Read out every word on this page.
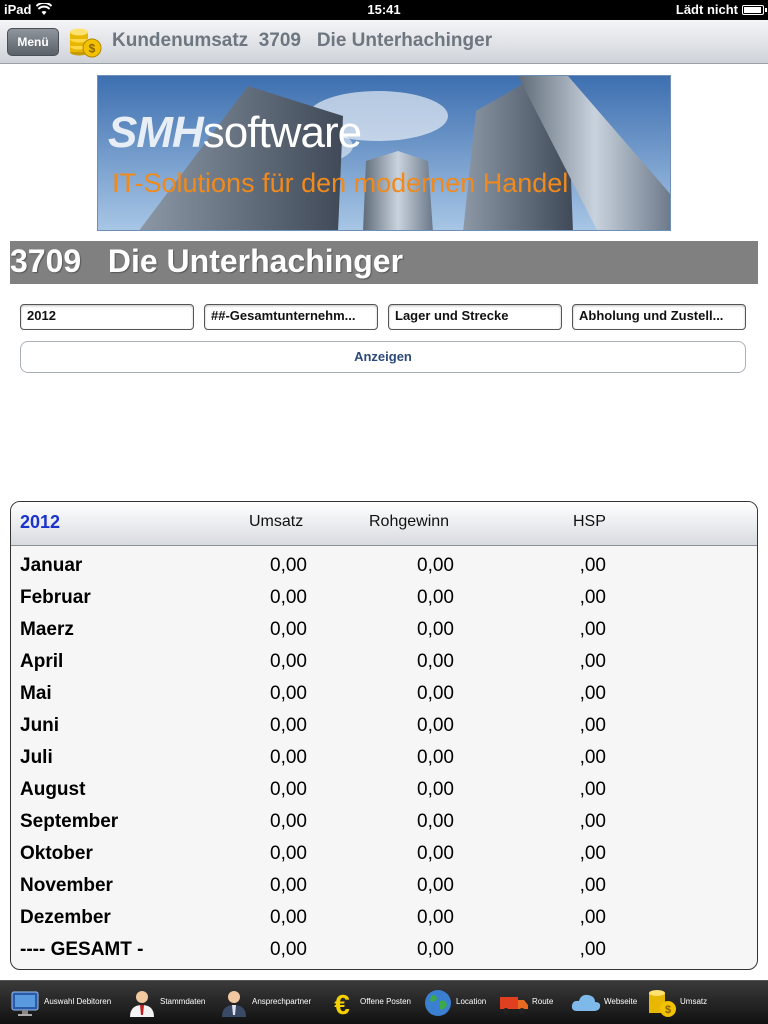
iPad	15:41	Lädt nicht
Menü	$ Kundenumsatz  3709   Die Unterhachinger
SMHsoftware
IT-Solutions für den modernen Handel
3709   Die Unterhachinger
2012	##-Gesamtunternehm...	Lager und Strecke	Abholung und Zustell...
Anzeigen
2012	Umsatz	Rohgewinn	HSP
Januar	0,00	0,00	,00
Februar	0,00	0,00	,00
Maerz	0,00	0,00	,00
April	0,00	0,00	,00
Mai	0,00	0,00	,00
Juni	0,00	0,00	,00
Juli	0,00	0,00	,00
August	0,00	0,00	,00
September	0,00	0,00	,00
Oktober	0,00	0,00	,00
November	0,00	0,00	,00
Dezember	0,00	0,00	,00
---- GESAMT -	0,00	0,00	,00
Auswahl Debitoren	Stammdaten	Ansprechpartner € Offene Posten	Location	Route	Webseite
$
Umsatz
